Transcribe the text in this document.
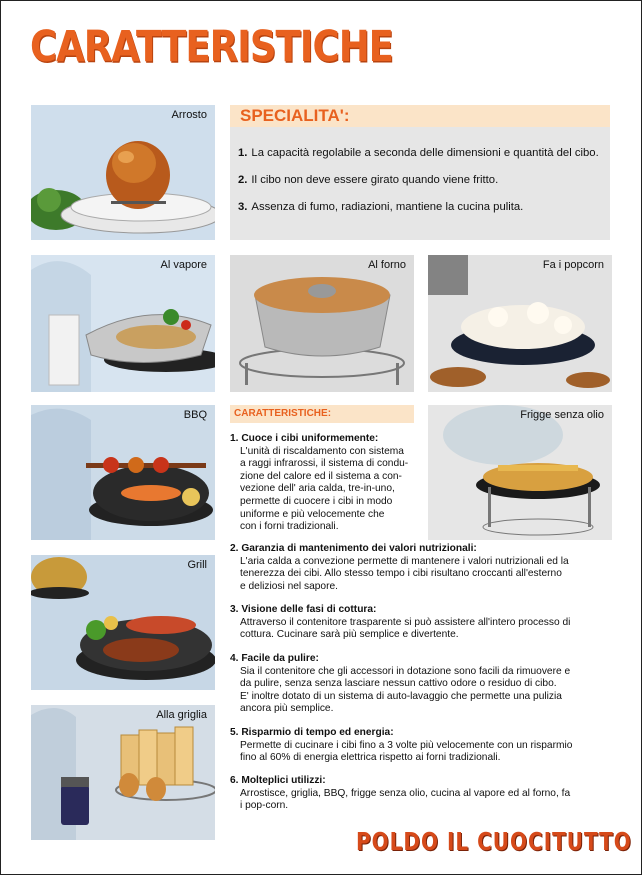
CARATTERISTICHE
Arrosto SPECIALITA':
1. La capacità regolabile a seconda delle dimensioni e quantità del cibo.
2. Il cibo non deve essere girato quando viene fritto.
3. Assenza di fumo, radiazioni, mantiene la cucina pulita.
Al vapore	Al forno	Fa i popcorn
BBQ	CARATTERISTICHE:	Frigge senza olio
Grill
Alla griglia
1. Cuoce i cibi uniformemente:
L'unità di riscaldamento con sistema
a raggi infrarossi, il sistema di condu-
zione del calore ed il sistema a con-
vezione dell' aria calda, tre-in-uno,
permette di cuocere i cibi in modo
uniforme e più velocemente che
con i forni tradizionali.
2. Garanzia di mantenimento dei valori nutrizionali:
L'aria calda a convezione permette di mantenere i valori nutrizionali ed la
tenerezza dei cibi. Allo stesso tempo i cibi risultano croccanti all'esterno
e deliziosi nel sapore.
3. Visione delle fasi di cottura:
Attraverso il contenitore trasparente si può assistere all'intero processo di
cottura. Cucinare sarà più semplice e divertente.
4. Facile da pulire:
Sia il contenitore che gli accessori in dotazione sono facili da rimuovere e
da pulire, senza senza lasciare nessun cattivo odore o residuo di cibo.
E' inoltre dotato di un sistema di auto-lavaggio che permette una pulizia
ancora più semplice.
5. Risparmio di tempo ed energia:
Permette di cucinare i cibi fino a 3 volte più velocemente con un risparmio
fino al 60% di energia elettrica rispetto ai forni tradizionali.
6. Molteplici utilizzi:
Arrostisce, griglia, BBQ, frigge senza olio, cucina al vapore ed al forno, fa
i pop-corn.
POLDO IL CUOCITUTTO
